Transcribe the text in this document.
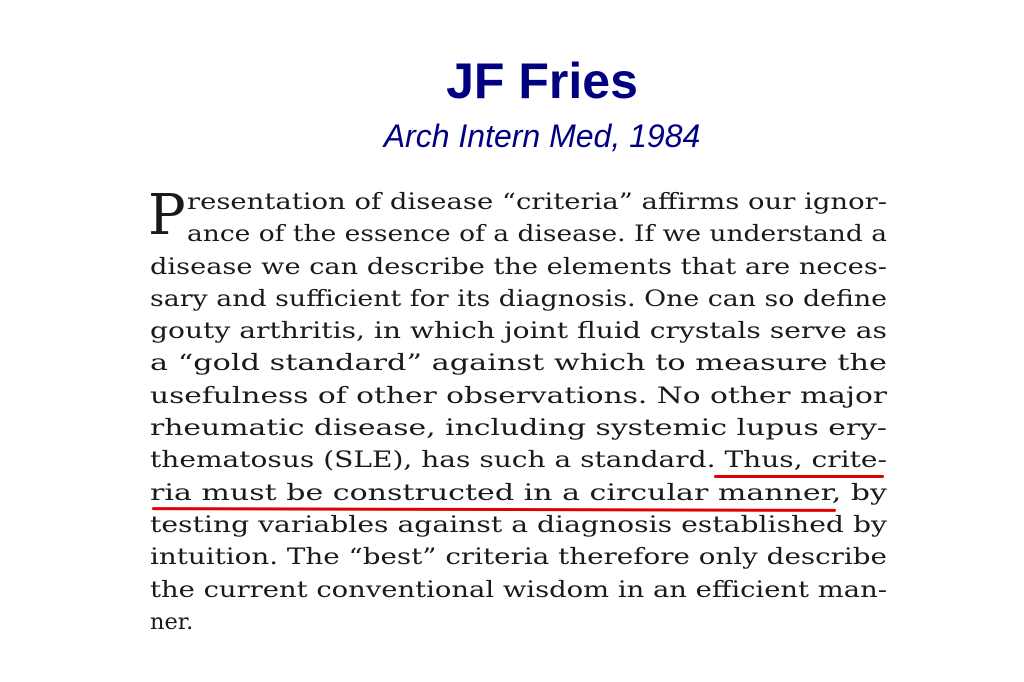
JF Fries
Arch Intern Med, 1984
P resentation of disease “criteria” affirms our ignor-
ance of the essence of a disease. If we understand a
disease we can describe the elements that are neces-
sary and sufficient for its diagnosis. One can so define
gouty arthritis, in which joint fluid crystals serve as
a “gold standard” against which to measure the
usefulness of other observations. No other major
rheumatic disease, including systemic lupus ery-
thematosus (SLE), has such a standard. Thus, crite-
ria must be constructed in a circular manner, by
testing variables against a diagnosis established by
intuition. The “best” criteria therefore only describe
the current conventional wisdom in an efficient man-
ner.
